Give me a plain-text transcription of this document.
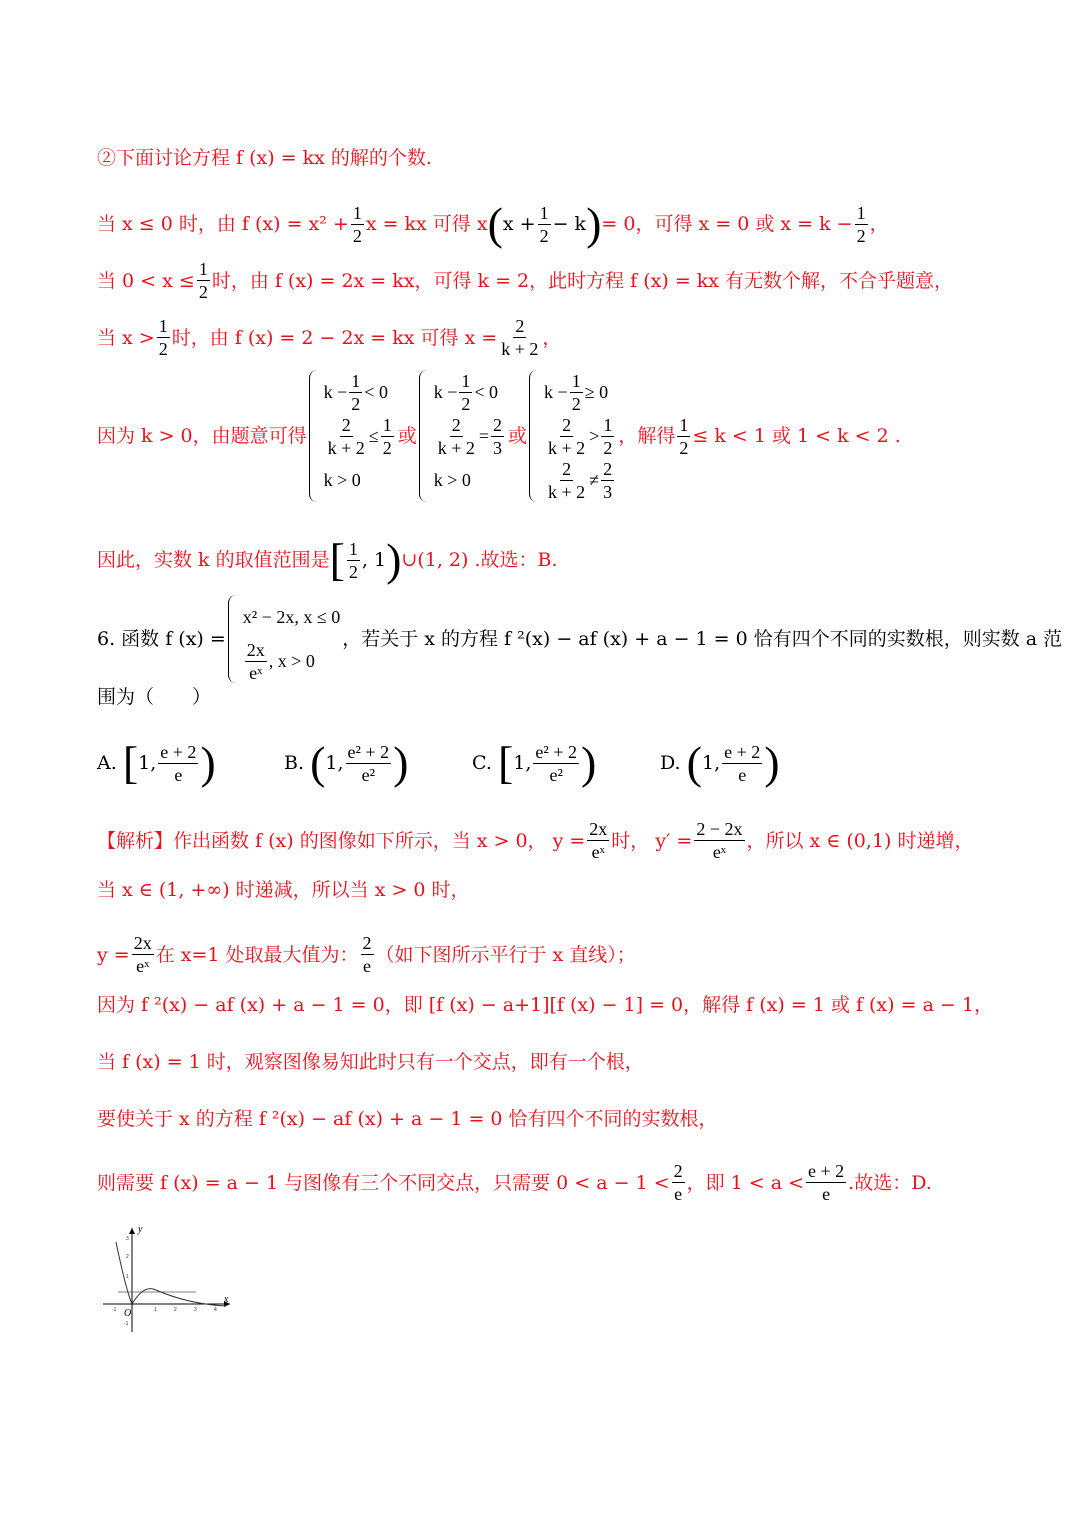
②下面讨论方程 f (x) = kx 的解的个数.
当 x ≤ 0 时，由 f $(x) = x^2 + \frac{1}{2}$ x = kx 可得 x ( $x + \frac{1}{2} - k$ ) = 0，可得 x = 0 或 $x = k - \frac{1}{2}$ ，
当 $0 < x \le \frac{1}{2}$ 时，由 f (x) = 2x = kx，可得 k = 2，此时方程 f (x) = kx 有无数个解，不合乎题意，
当 $x > \frac{1}{2}$ 时，由 f (x) = 2 − 2x = kx 可得 $x = \frac{2}{k + 2}$ ，
因为 k > 0，由题意可得
$k - \frac{1}{2} < 0$
$\frac{2}{k + 2} \le \frac{1}{2}$
k > 0
或
$k - \frac{1}{2} < 0$
$\frac{2}{k + 2} = \frac{2}{3}$
k > 0
或
$k - \frac{1}{2} \ge 0$
$\frac{2}{k + 2} > \frac{1}{2}$
$\frac{2}{k + 2} \ne \frac{2}{3}$
，解得 $\frac{1}{2} \le k < 1$ 或 1 < k < 2 .
因此，实数 k 的取值范围是 [ $\frac{1}{2}$ , 1 ) ∪(1, 2) .故选：B.
6. 函数 f (x) =
x² − 2x, x ≤ 0
$\frac{2x}{\text{eˣ}}$ , x > 0
，若关于 x 的方程 f ²(x) − af (x) + a − 1 = 0 恰有四个不同的实数根，则实数 a 范
围为（　　）
A.
[ 1, $\frac{e + 2}{e}$ )	B.
( 1, $\frac{\text{e² + 2}}{\text{e²}}$ )	C.
[ 1, $\frac{\text{e² + 2}}{\text{e²}}$ )	D.
( 1, $\frac{e + 2}{e}$ )
【解析】作出函数 f (x) 的图像如下所示，当 x > 0， $y = \frac{2x}{\text{eˣ}}$ 时， $y' = \frac{2 - 2x}{\text{eˣ}}$ ，所以 x ∈ (0,1) 时递增，
当 x ∈ (1, +∞) 时递减，所以当 x > 0 时，
$y = \frac{2x}{\text{eˣ}}$ 在 x=1 处取最大值为： $\frac{2}{e}$ （如下图所示平行于 x 直线）；
因为 f ²(x) − af (x) + a − 1 = 0，即 [f (x) − a+1][f (x) − 1] = 0，解得 f (x) = 1 或 f (x) = a − 1，
当 f (x) = 1 时，观察图像易知此时只有一个交点，即有一个根，
要使关于 x 的方程 f ²(x) − af (x) + a − 1 = 0 恰有四个不同的实数根，
则需要 f (x) = a − 1 与图像有三个不同交点，只需要 $0 < a - 1 < \frac{2}{e}$ ，即 $1 < a < \frac{e + 2}{e}$ .故选：D.
y
x
O
-1	1	2	3	4
1
2
3
-1
